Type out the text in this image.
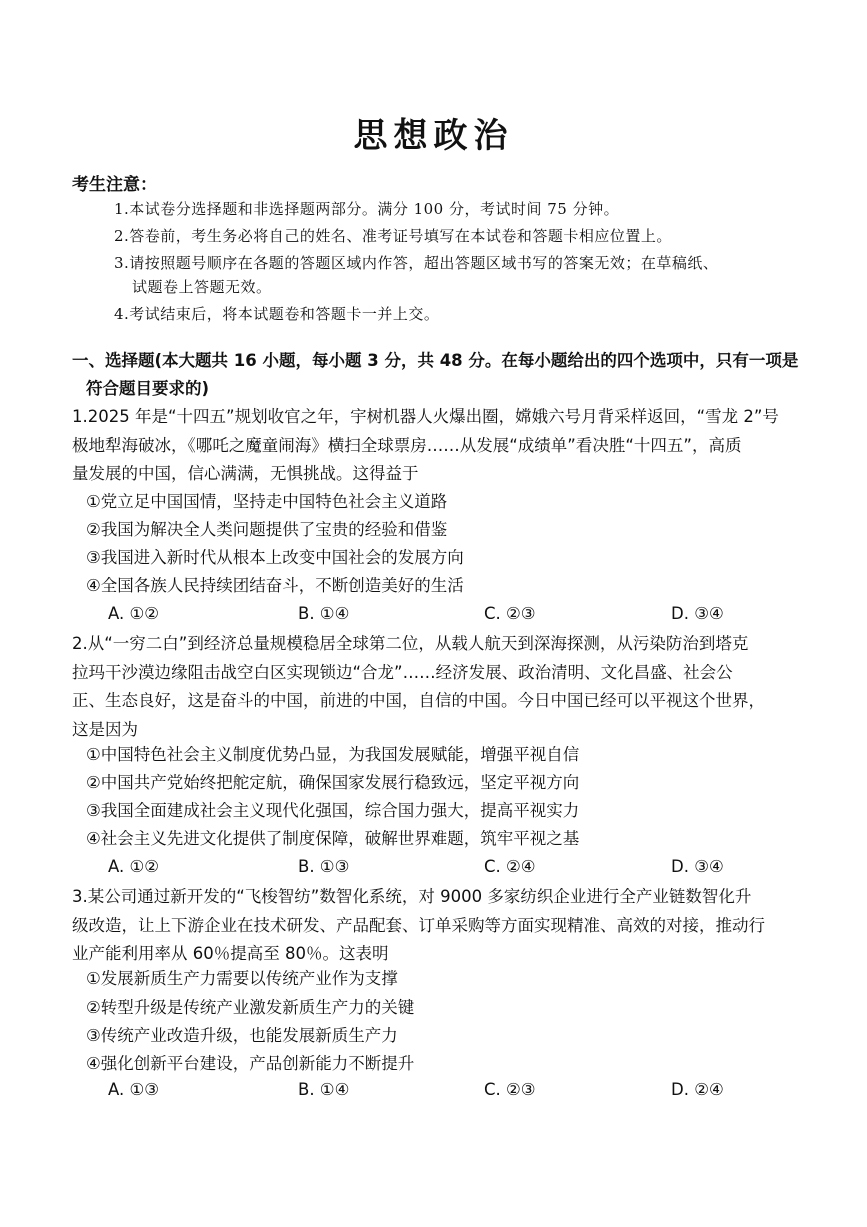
思想政治
考生注意：
1.本试卷分选择题和非选择题两部分。满分 100 分，考试时间 75 分钟。
2.答卷前，考生务必将自己的姓名、准考证号填写在本试卷和答题卡相应位置上。
3.请按照题号顺序在各题的答题区域内作答，超出答题区域书写的答案无效；在草稿纸、
试题卷上答题无效。
4.考试结束后，将本试题卷和答题卡一并上交。
一、选择题(本大题共 16 小题，每小题 3 分，共 48 分。在每小题给出的四个选项中，只有一项是
符合题目要求的)
1.2025 年是“十四五”规划收官之年，宇树机器人火爆出圈，嫦娥六号月背采样返回，“雪龙 2”号
极地犁海破冰，《哪吒之魔童闹海》横扫全球票房……从发展“成绩单”看决胜“十四五”，高质
量发展的中国，信心满满，无惧挑战。这得益于
①党立足中国国情，坚持走中国特色社会主义道路
②我国为解决全人类问题提供了宝贵的经验和借鉴
③我国进入新时代从根本上改变中国社会的发展方向
④全国各族人民持续团结奋斗，不断创造美好的生活
A. ①②	B. ①④	C. ②③	D. ③④
2.从“一穷二白”到经济总量规模稳居全球第二位，从载人航天到深海探测，从污染防治到塔克
拉玛干沙漠边缘阻击战空白区实现锁边“合龙”……经济发展、政治清明、文化昌盛、社会公
正、生态良好，这是奋斗的中国，前进的中国，自信的中国。今日中国已经可以平视这个世界，
这是因为
①中国特色社会主义制度优势凸显，为我国发展赋能，增强平视自信
②中国共产党始终把舵定航，确保国家发展行稳致远，坚定平视方向
③我国全面建成社会主义现代化强国，综合国力强大，提高平视实力
④社会主义先进文化提供了制度保障，破解世界难题，筑牢平视之基
A. ①②	B. ①③	C. ②④	D. ③④
3.某公司通过新开发的“飞梭智纺”数智化系统，对 9000 多家纺织企业进行全产业链数智化升
级改造，让上下游企业在技术研发、产品配套、订单采购等方面实现精准、高效的对接，推动行
业产能利用率从 60％提高至 80％。这表明
①发展新质生产力需要以传统产业作为支撑
②转型升级是传统产业激发新质生产力的关键
③传统产业改造升级，也能发展新质生产力
④强化创新平台建设，产品创新能力不断提升
A. ①③	B. ①④	C. ②③	D. ②④
